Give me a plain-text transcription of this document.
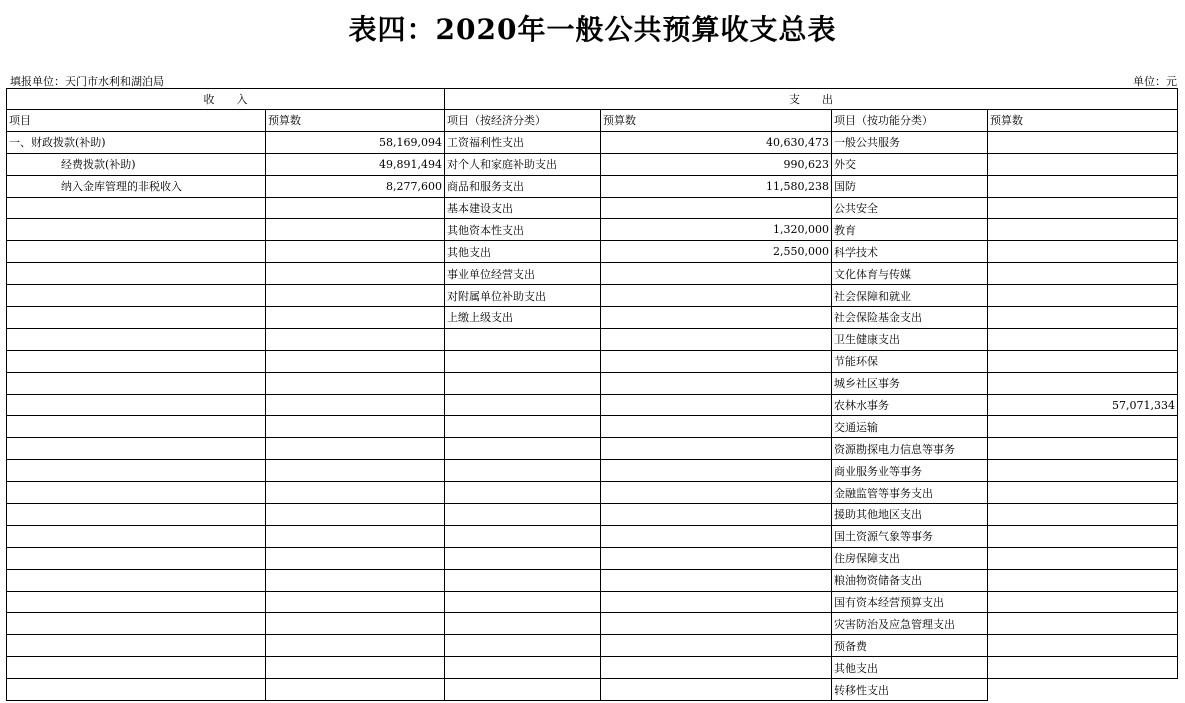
表四：2020年一般公共预算收支总表
填报单位：天门市水利和湖泊局	单位：元
收　　入		支　　出			
项目	预算数	项目（按经济分类）	预算数	项目（按功能分类）	预算数
一、财政拨款(补助)	58,169,094	工资福利性支出	40,630,473	一般公共服务	
经费拨款(补助)	49,891,494	对个人和家庭补助支出	990,623	外交	
纳入金库管理的非税收入	8,277,600	商品和服务支出	11,580,238	国防	
		基本建设支出		公共安全	
		其他资本性支出	1,320,000	教育	
		其他支出	2,550,000	科学技术	
		事业单位经营支出		文化体育与传媒	
		对附属单位补助支出		社会保障和就业	
		上缴上级支出		社会保险基金支出	
				卫生健康支出	
				节能环保	
				城乡社区事务	
				农林水事务	57,071,334
				交通运输	
				资源勘探电力信息等事务	
				商业服务业等事务	
				金融监管等事务支出	
				援助其他地区支出	
				国土资源气象等事务	
				住房保障支出	
				粮油物资储备支出	
				国有资本经营预算支出	
				灾害防治及应急管理支出	
				预备费	
				其他支出	
				转移性支出	
